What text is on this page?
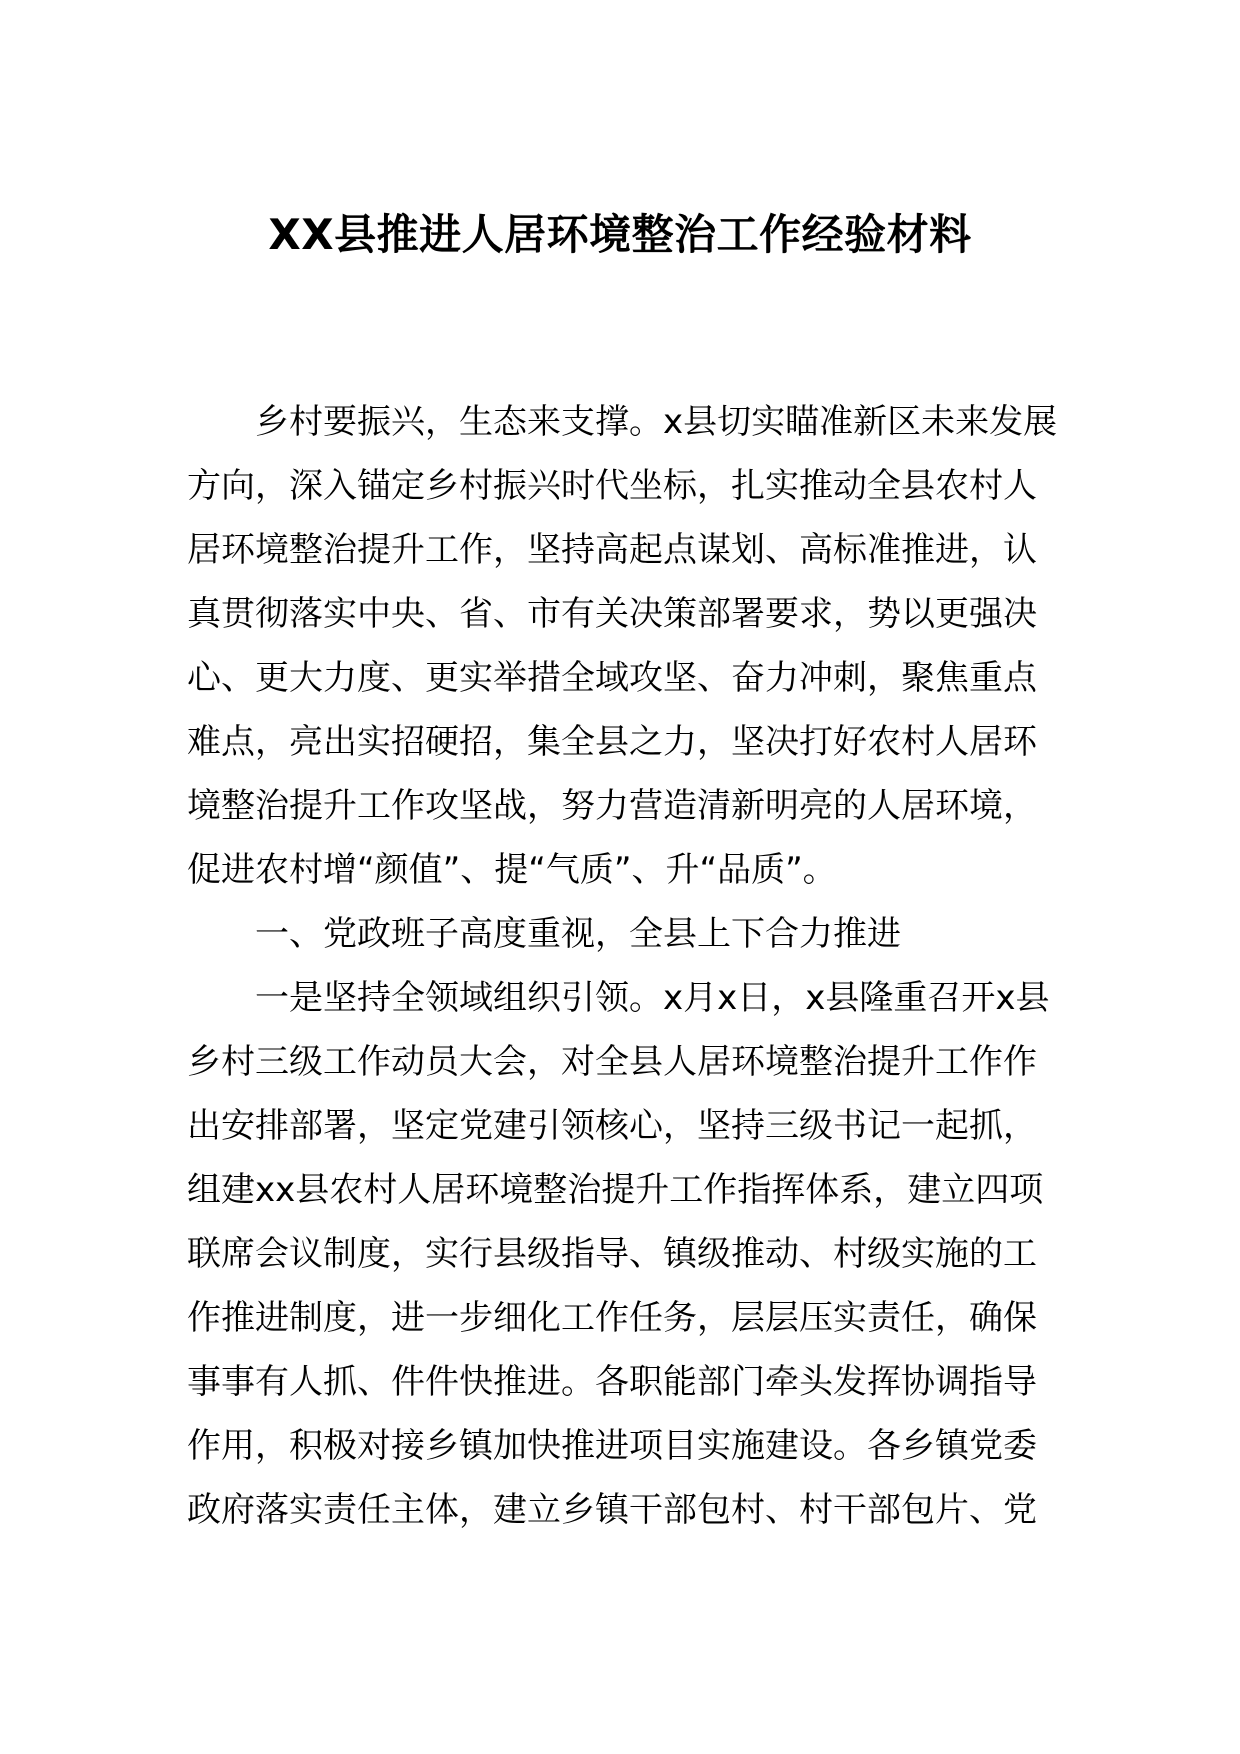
XX县推进人居环境整治工作经验材料
乡村要振兴，生态来支撑。x县切实瞄准新区未来发展
方向，深入锚定乡村振兴时代坐标，扎实推动全县农村人
居环境整治提升工作，坚持高起点谋划、高标准推进，认
真贯彻落实中央、省、市有关决策部署要求，势以更强决
心、更大力度、更实举措全域攻坚、奋力冲刺，聚焦重点
难点，亮出实招硬招，集全县之力，坚决打好农村人居环
境整治提升工作攻坚战，努力营造清新明亮的人居环境，
促进农村增“颜值”、提“气质”、升“品质”。
一、党政班子高度重视，全县上下合力推进
一是坚持全领域组织引领。x月x日，x县隆重召开x县
乡村三级工作动员大会，对全县人居环境整治提升工作作
出安排部署，坚定党建引领核心，坚持三级书记一起抓，
组建xx县农村人居环境整治提升工作指挥体系，建立四项
联席会议制度，实行县级指导、镇级推动、村级实施的工
作推进制度，进一步细化工作任务，层层压实责任，确保
事事有人抓、件件快推进。各职能部门牵头发挥协调指导
作用，积极对接乡镇加快推进项目实施建设。各乡镇党委
政府落实责任主体，建立乡镇干部包村、村干部包片、党
